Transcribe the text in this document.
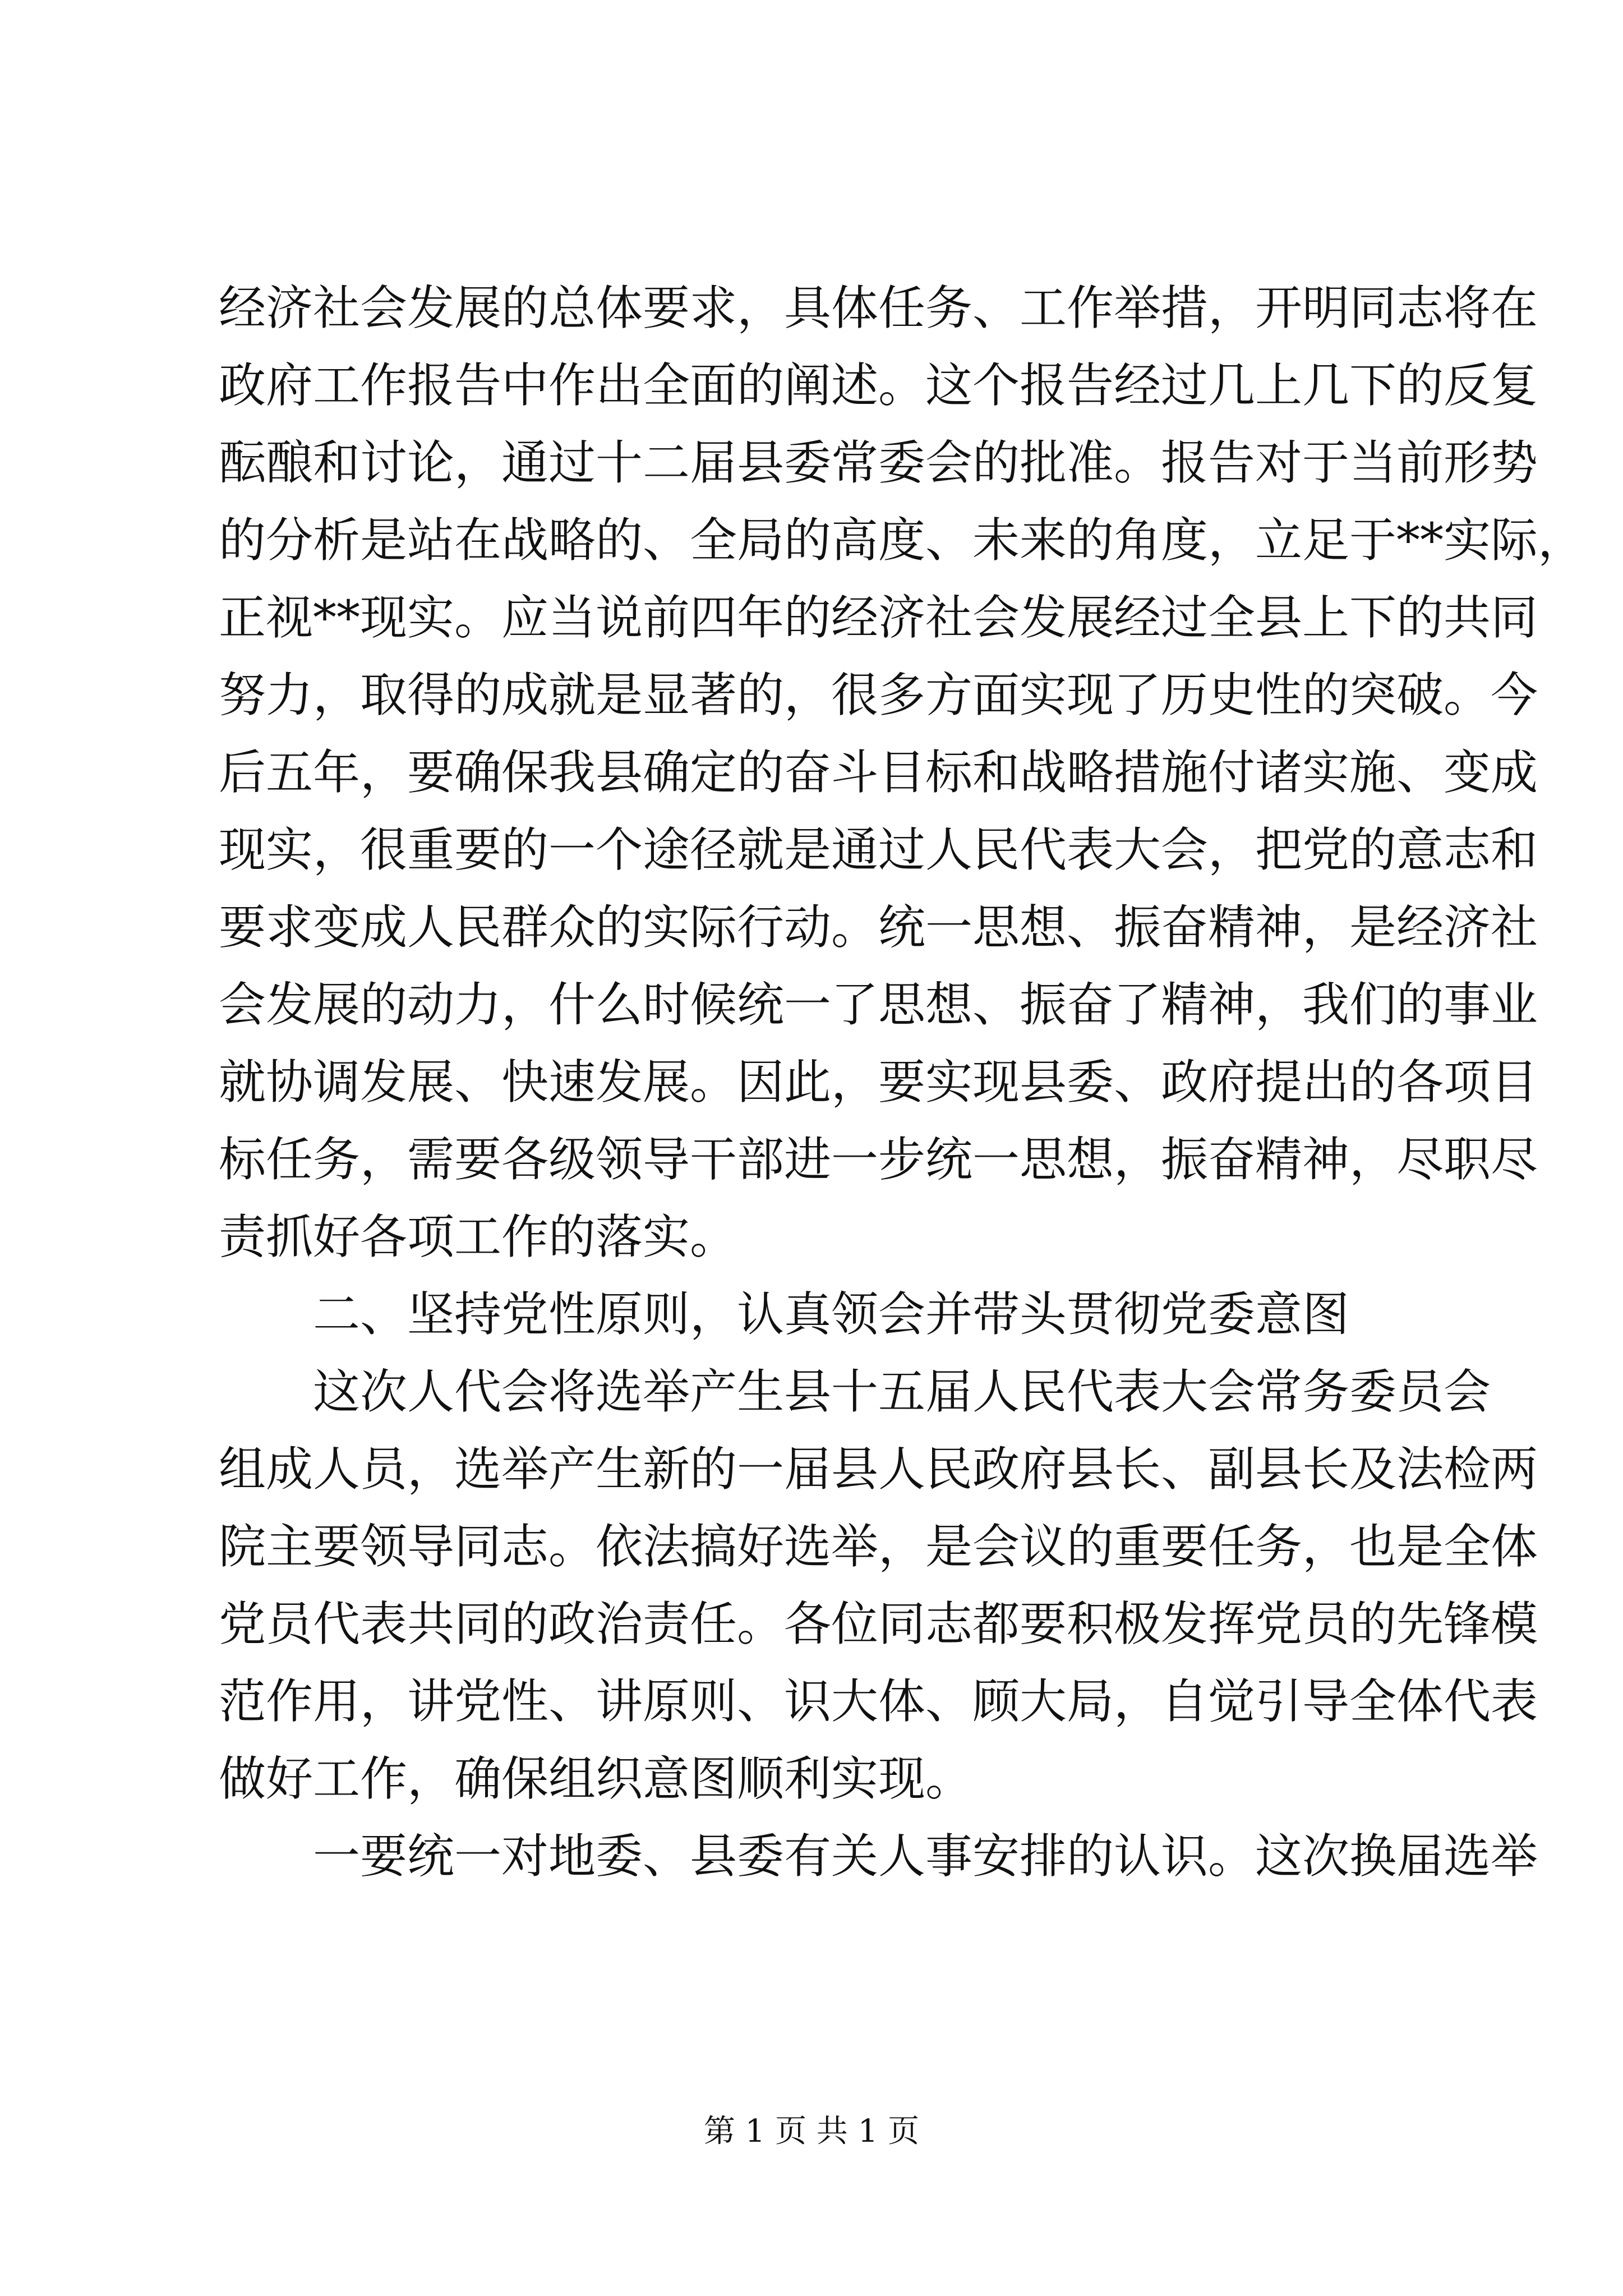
经济社会发展的总体要求，具体任务、工作举措，开明同志将在
政府工作报告中作出全面的阐述。这个报告经过几上几下的反复
酝酿和讨论，通过十二届县委常委会的批准。报告对于当前形势
的分析是站在战略的、全局的高度、未来的角度，立足于**实际，
正视**现实。应当说前四年的经济社会发展经过全县上下的共同
努力，取得的成就是显著的，很多方面实现了历史性的突破。今
后五年，要确保我县确定的奋斗目标和战略措施付诸实施、变成
现实，很重要的一个途径就是通过人民代表大会，把党的意志和
要求变成人民群众的实际行动。统一思想、振奋精神，是经济社
会发展的动力，什么时候统一了思想、振奋了精神，我们的事业
就协调发展、快速发展。因此，要实现县委、政府提出的各项目
标任务，需要各级领导干部进一步统一思想，振奋精神，尽职尽
责抓好各项工作的落实。
二、坚持党性原则，认真领会并带头贯彻党委意图
这次人代会将选举产生县十五届人民代表大会常务委员会
组成人员，选举产生新的一届县人民政府县长、副县长及法检两
院主要领导同志。依法搞好选举，是会议的重要任务，也是全体
党员代表共同的政治责任。各位同志都要积极发挥党员的先锋模
范作用，讲党性、讲原则、识大体、顾大局，自觉引导全体代表
做好工作，确保组织意图顺利实现。
一要统一对地委、县委有关人事安排的认识。这次换届选举
第 1 页 共 1 页
